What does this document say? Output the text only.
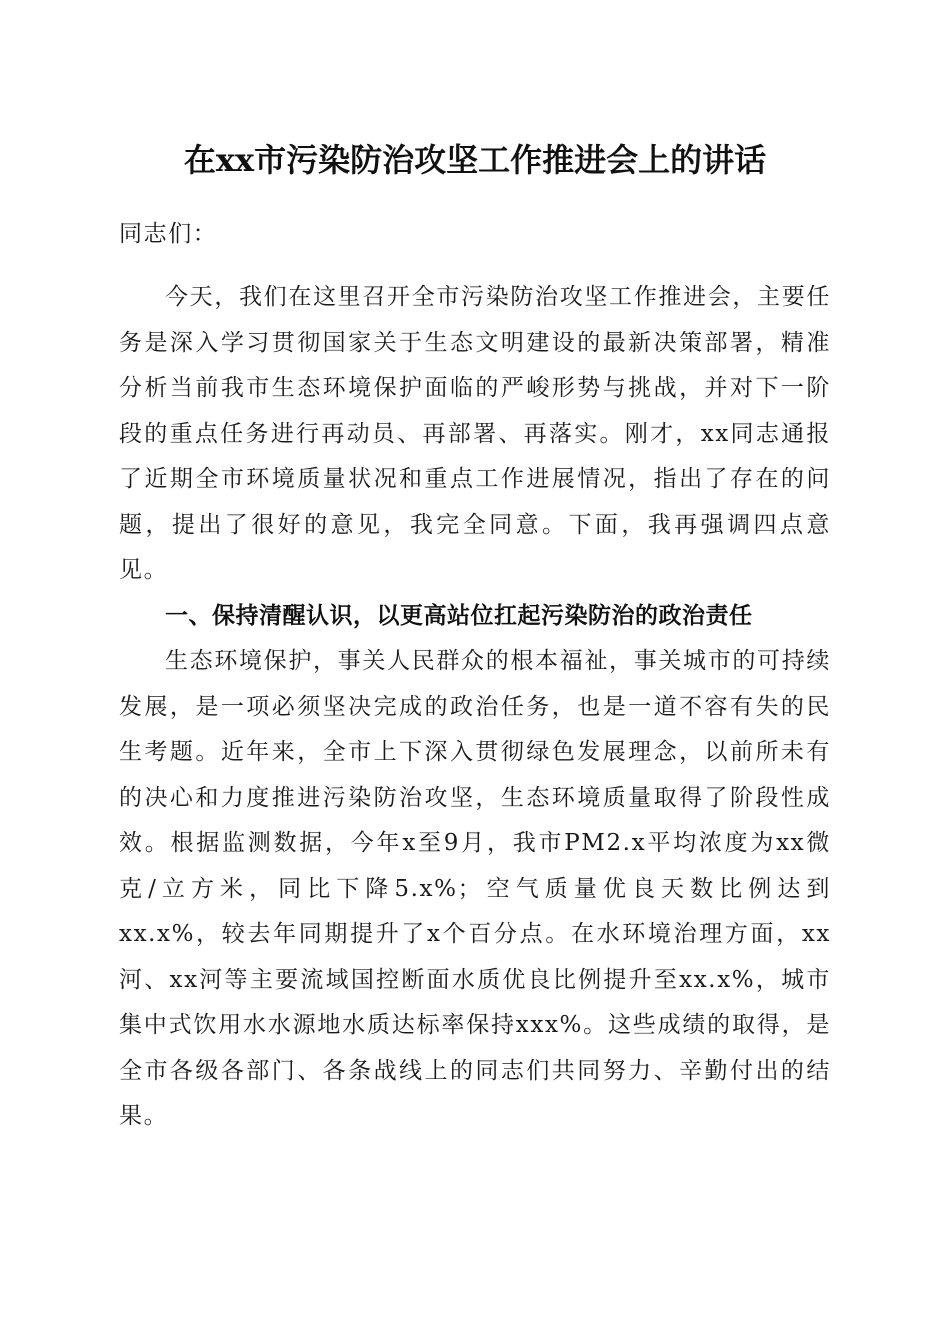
在xx市污染防治攻坚工作推进会上的讲话
同志们：
今天，我们在这里召开全市污染防治攻坚工作推进会，主要任务是深入学习贯彻国家关于生态文明建设的最新决策部署，精准分析当前我市生态环境保护面临的严峻形势与挑战，并对下一阶段的重点任务进行再动员、再部署、再落实。刚才，xx同志通报了近期全市环境质量状况和重点工作进展情况，指出了存在的问题，提出了很好的意见，我完全同意。下面，我再强调四点意见。
一、保持清醒认识，以更高站位扛起污染防治的政治责任
生态环境保护，事关人民群众的根本福祉，事关城市的可持续发展，是一项必须坚决完成的政治任务，也是一道不容有失的民生考题。近年来，全市上下深入贯彻绿色发展理念，以前所未有的决心和力度推进污染防治攻坚，生态环境质量取得了阶段性成效。根据监测数据，今年x至9月，我市PM2.x平均浓度为xx微克/立方米，同比下降5.x%；空气质量优良天数比例达到xx.x%，较去年同期提升了x个百分点。在水环境治理方面，xx河、xx河等主要流域国控断面水质优良比例提升至xx.x%，城市集中式饮用水水源地水质达标率保持xxx%。这些成绩的取得，是全市各级各部门、各条战线上的同志们共同努力、辛勤付出的结果。
